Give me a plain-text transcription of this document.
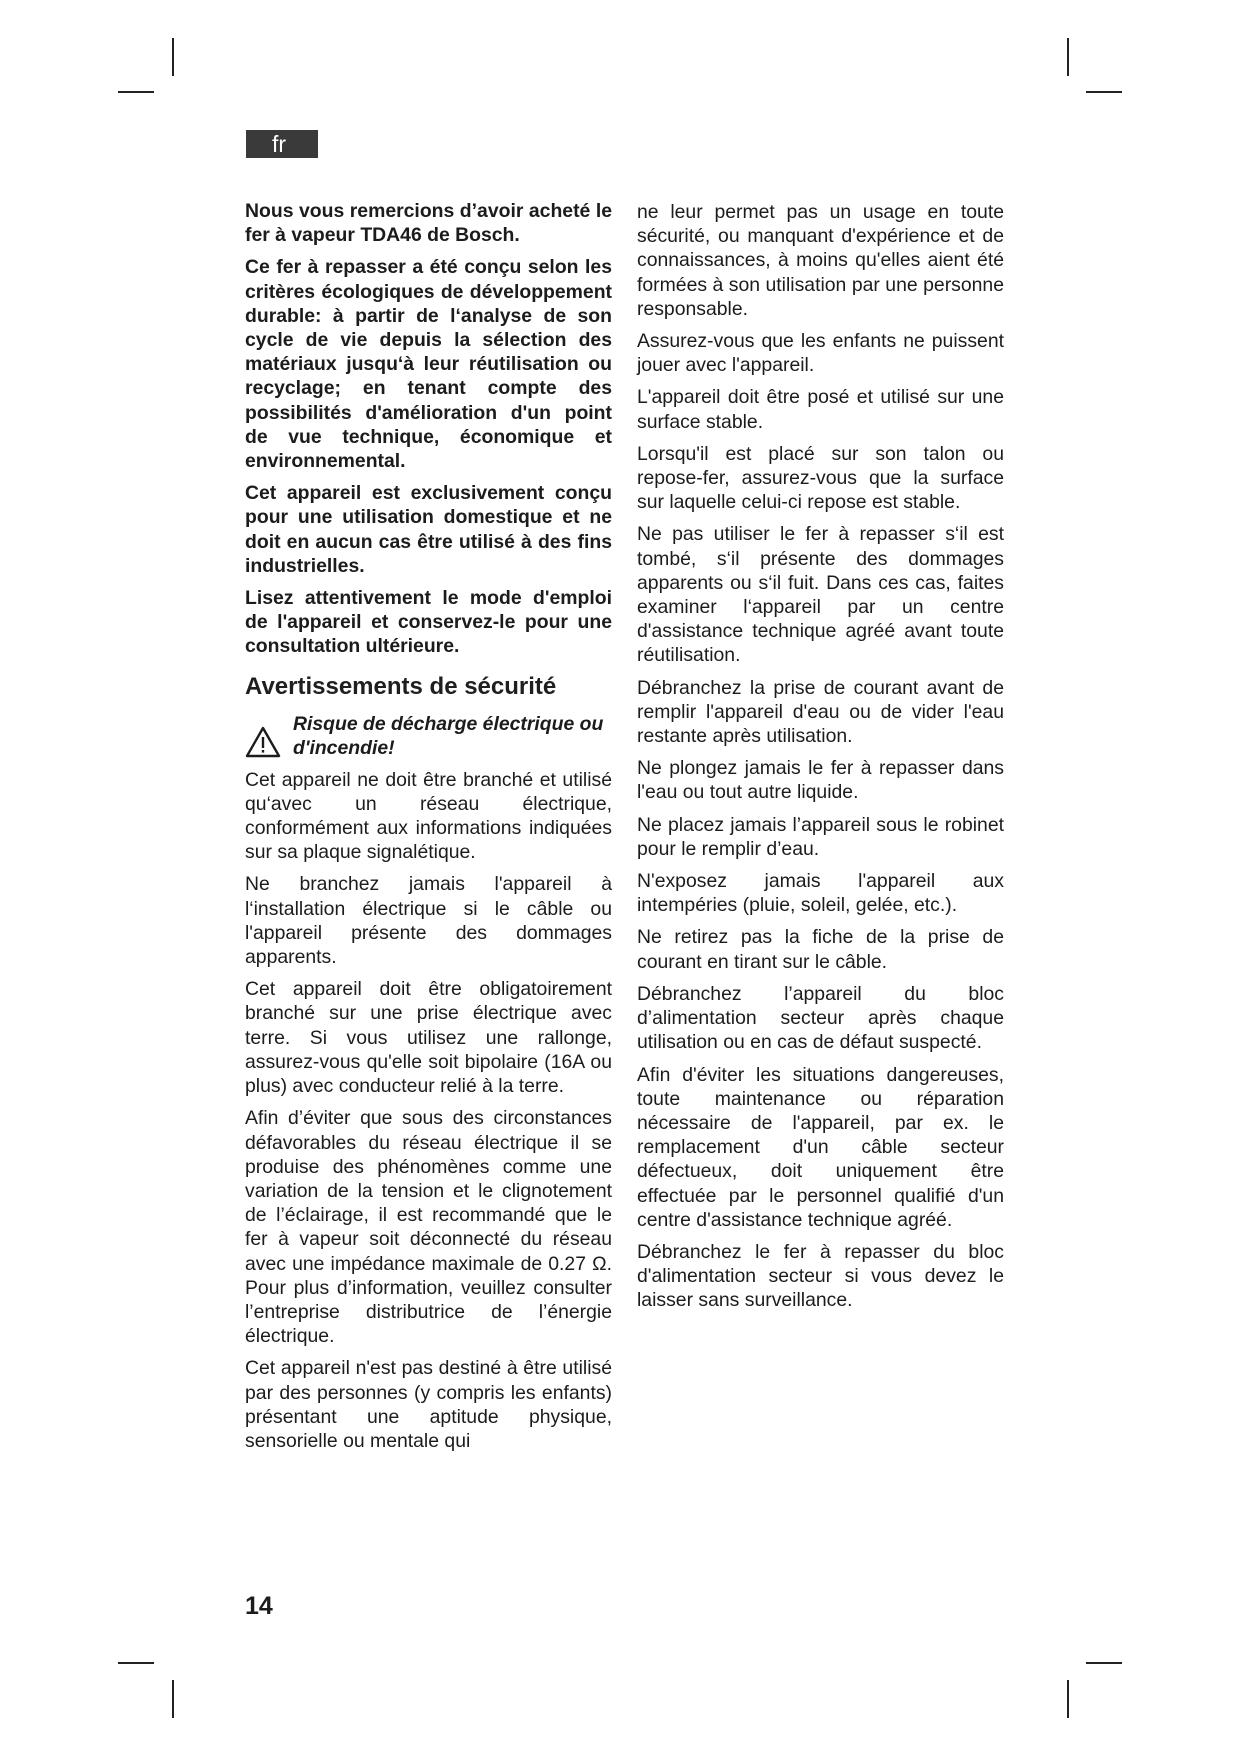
fr

Nous vous remercions d’avoir acheté le fer à vapeur TDA46 de Bosch.

Ce fer à repasser a été conçu selon les critères écologiques de développement durable: à partir de l‘analyse de son cycle de vie depuis la sélection des matériaux jusqu‘à leur réutilisation ou recyclage; en tenant compte des possibilités d'amélioration d'un point de vue technique, économique et environnemental.

Cet appareil est exclusivement conçu pour une utilisation domestique et ne doit en aucun cas être utilisé à des fins industrielles.

Lisez attentivement le mode d'emploi de l'appareil et conservez-le pour une consultation ultérieure.

Avertissements de sécurité
Risque de décharge électrique ou d'incendie!

Cet appareil ne doit être branché et utilisé qu‘avec un réseau électrique, conformément aux informations indiquées sur sa plaque signalétique.

Ne branchez jamais l'appareil à l‘installation électrique si le câble ou l'appareil présente des dommages apparents.

Cet appareil doit être obligatoirement branché sur une prise électrique avec terre. Si vous utilisez une rallonge, assurez-vous qu'elle soit bipolaire (16A ou plus) avec conducteur relié à la terre.

Afin d’éviter que sous des circonstances défavorables du réseau électrique il se produise des phénomènes comme une variation de la tension et le clignotement de l’éclairage, il est recommandé que le fer à vapeur soit déconnecté du réseau avec une impédance maximale de 0.27 Ω. Pour plus d’information, veuillez consulter l’entreprise distributrice de l’énergie électrique.

Cet appareil n'est pas destiné à être utilisé par des personnes (y compris les enfants) présentant une aptitude physique, sensorielle ou mentale qui

ne leur permet pas un usage en toute sécurité, ou manquant d'expérience et de connaissances, à moins qu'elles aient été formées à son utilisation par une personne responsable.

Assurez-vous que les enfants ne puissent jouer avec l'appareil.

L'appareil doit être posé et utilisé sur une surface stable.

Lorsqu'il est placé sur son talon ou repose-fer, assurez-vous que la surface sur laquelle celui-ci repose est stable.

Ne pas utiliser le fer à repasser s‘il est tombé, s‘il présente des dommages apparents ou s‘il fuit. Dans ces cas, faites examiner l‘appareil par un centre d'assistance technique agréé avant toute réutilisation.

Débranchez la prise de courant avant de remplir l'appareil d'eau ou de vider l'eau restante après utilisation.

Ne plongez jamais le fer à repasser dans l'eau ou tout autre liquide.

Ne placez jamais l’appareil sous le robinet pour le remplir d’eau.

N'exposez jamais l'appareil aux intempéries (pluie, soleil, gelée, etc.).

Ne retirez pas la fiche de la prise de courant en tirant sur le câble.

Débranchez l’appareil du bloc d’alimentation secteur après chaque utilisation ou en cas de défaut suspecté.

Afin d'éviter les situations dangereuses, toute maintenance ou réparation nécessaire de l'appareil, par ex. le remplacement d'un câble secteur défectueux, doit uniquement être effectuée par le personnel qualifié d'un centre d'assistance technique agréé.

Débranchez le fer à repasser du bloc d'alimentation secteur si vous devez le laisser sans surveillance.

14
